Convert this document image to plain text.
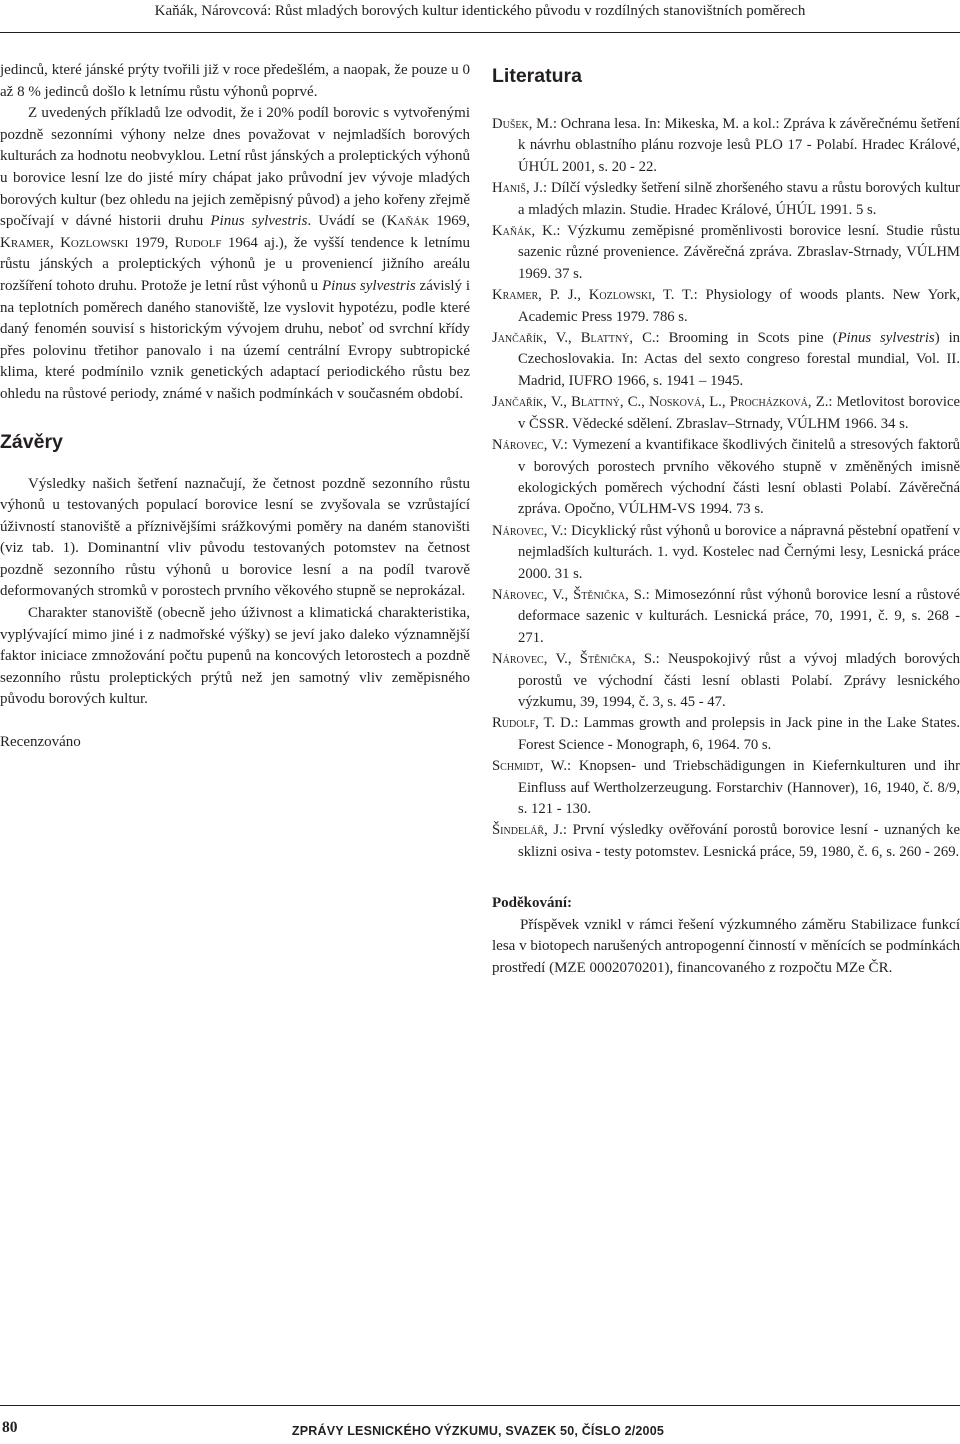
Kaňák, Nárovcová: Růst mladých borových kultur identického původu v rozdílných stanovištních poměrech

jedinců, které jánské prýty tvořili již v roce předešlém, a naopak, že pouze u 0 až 8 % jedinců došlo k letnímu růstu výhonů poprvé.

Z uvedených příkladů lze odvodit, že i 20% podíl borovic s vytvořenými pozdně sezonními výhony nelze dnes považovat v nejmladších borových kulturách za hodnotu neobvyklou. Letní růst jánských a proleptických výhonů u borovice lesní lze do jisté míry chápat jako průvodní jev vývoje mladých borových kultur (bez ohledu na jejich zeměpisný původ) a jeho kořeny zřejmě spočívají v dávné historii druhu Pinus sylvestris. Uvádí se (Kaňák 1969, Kramer, Kozlowski 1979, Rudolf 1964 aj.), že vyšší tendence k letnímu růstu jánských a proleptických výhonů je u proveniencí jižního areálu rozšíření tohoto druhu. Protože je letní růst výhonů u Pinus sylvestris závislý i na teplotních poměrech daného stanoviště, lze vyslovit hypotézu, podle které daný fenomén souvisí s historickým vývojem druhu, neboť od svrchní křídy přes polovinu třetihor panovalo i na území centrální Evropy subtropické klima, které podmínilo vznik genetických adaptací periodického růstu bez ohledu na růstové periody, známé v našich podmínkách v současném období.

Závěry

Výsledky našich šetření naznačují, že četnost pozdně sezonního růstu výhonů u testovaných populací borovice lesní se zvyšovala se vzrůstající úživností stanoviště a příznivějšími srážkovými poměry na daném stanovišti (viz tab. 1). Dominantní vliv původu testovaných potomstev na četnost pozdně sezonního růstu výhonů u borovice lesní a na podíl tvarově deformovaných stromků v porostech prvního věkového stupně se neprokázal.

Charakter stanoviště (obecně jeho úživnost a klimatická charakteristika, vyplývající mimo jiné i z nadmořské výšky) se jeví jako daleko významnější faktor iniciace zmnožování počtu pupenů na koncových letorostech a pozdně sezonního růstu proleptických prýtů než jen samotný vliv zeměpisného původu borových kultur.

Recenzováno

Literatura

Dušek, M.: Ochrana lesa. In: Mikeska, M. a kol.: Zpráva k závěrečnému šetření k návrhu oblastního plánu rozvoje lesů PLO 17 - Polabí. Hradec Králové, ÚHÚL 2001, s. 20 - 22.

Haniš, J.: Dílčí výsledky šetření silně zhoršeného stavu a růstu borových kultur a mladých mlazin. Studie. Hradec Králové, ÚHÚL 1991. 5 s.

Kaňák, K.: Výzkumu zeměpisné proměnlivosti borovice lesní. Studie růstu sazenic různé provenience. Závěrečná zpráva. Zbraslav-Strnady, VÚLHM 1969. 37 s.

Kramer, P. J., Kozlowski, T. T.: Physiology of woods plants. New York, Academic Press 1979. 786 s.

Jančařík, V., Blattný, C.: Brooming in Scots pine (Pinus sylvestris) in Czechoslovakia. In: Actas del sexto congreso forestal mundial, Vol. II. Madrid, IUFRO 1966, s. 1941 – 1945.

Jančařík, V., Blattný, C., Nosková, L., Procházková, Z.: Metlovitost borovice v ČSSR. Vědecké sdělení. Zbraslav–Strnady, VÚLHM 1966. 34 s.

Nárovec, V.: Vymezení a kvantifikace škodlivých činitelů a stresových faktorů v borových porostech prvního věkového stupně v změněných imisně ekologických poměrech východní části lesní oblasti Polabí. Závěrečná zpráva. Opočno, VÚLHM-VS 1994. 73 s.

Nárovec, V.: Dicyklický růst výhonů u borovice a nápravná pěstební opatření v nejmladších kulturách. 1. vyd. Kostelec nad Černými lesy, Lesnická práce 2000. 31 s.

Nárovec, V., Štěnička, S.: Mimosezónní růst výhonů borovice lesní a růstové deformace sazenic v kulturách. Lesnická práce, 70, 1991, č. 9, s. 268 - 271.

Nárovec, V., Štěnička, S.: Neuspokojivý růst a vývoj mladých borových porostů ve východní části lesní oblasti Polabí. Zprávy lesnického výzkumu, 39, 1994, č. 3, s. 45 - 47.

Rudolf, T. D.: Lammas growth and prolepsis in Jack pine in the Lake States. Forest Science - Monograph, 6, 1964. 70 s.

Schmidt, W.: Knopsen- und Triebschädigungen in Kiefernkulturen und ihr Einfluss auf Wertholzerzeugung. Forstarchiv (Hannover), 16, 1940, č. 8/9, s. 121 - 130.

Šindelář, J.: První výsledky ověřování porostů borovice lesní - uznaných ke sklizni osiva - testy potomstev. Lesnická práce, 59, 1980, č. 6, s. 260 - 269.

Poděkování:

Příspěvek vznikl v rámci řešení výzkumného záměru Stabilizace funkcí lesa v biotopech narušených antropogenní činností v měnících se podmínkách prostředí (MZE 0002070201), financovaného z rozpočtu MZe ČR.

80	ZPRÁVY LESNICKÉHO VÝZKUMU, SVAZEK 50, ČÍSLO 2/2005
